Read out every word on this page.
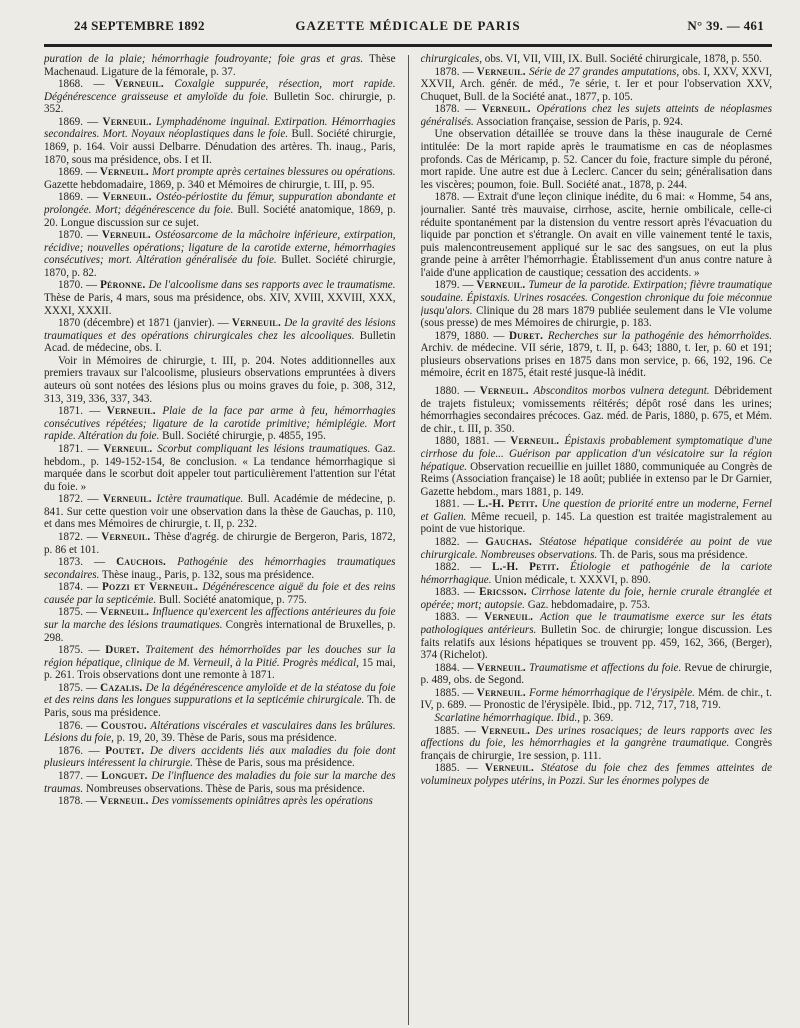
24 SEPTEMBRE 1892	GAZETTE MÉDICALE DE PARIS	N° 39. — 461

puration de la plaie; hémorrhagie foudroyante; foie gras et gras. Thèse Machenaud. Ligature de la fémorale, p. 37.

1868. — Verneuil. Coxalgie suppurée, résection, mort rapide. Dégénérescence graisseuse et amyloïde du foie. Bulletin Soc. chirurgie, p. 352.

1869. — Verneuil. Lymphadénome inguinal. Extirpation. Hémorrhagies secondaires. Mort. Noyaux néoplastiques dans le foie. Bull. Société chirurgie, 1869, p. 164. Voir aussi Delbarre. Dénudation des artères. Th. inaug., Paris, 1870, sous ma présidence, obs. I et II.

1869. — Verneuil. Mort prompte après certaines blessures ou opérations. Gazette hebdomadaire, 1869, p. 340 et Mémoires de chirurgie, t. III, p. 95.

1869. — Verneuil. Ostéo-périostite du fémur, suppuration abondante et prolongée. Mort; dégénérescence du foie. Bull. Société anatomique, 1869, p. 20. Longue discussion sur ce sujet.

1870. — Verneuil. Ostéosarcome de la mâchoire inférieure, extirpation, récidive; nouvelles opérations; ligature de la carotide externe, hémorrhagies consécutives; mort. Altération généralisée du foie. Bullet. Société chirurgie, 1870, p. 82.

1870. — Péronne. De l'alcoolisme dans ses rapports avec le traumatisme. Thèse de Paris, 4 mars, sous ma présidence, obs. XIV, XVIII, XXVIII, XXX, XXXI, XXXII.

1870 (décembre) et 1871 (janvier). — Verneuil. De la gravité des lésions traumatiques et des opérations chirurgicales chez les alcooliques. Bulletin Acad. de médecine, obs. I.

Voir in Mémoires de chirurgie, t. III, p. 204. Notes additionnelles aux premiers travaux sur l'alcoolisme, plusieurs observations empruntées à divers auteurs où sont notées des lésions plus ou moins graves du foie, p. 308, 312, 313, 319, 336, 337, 343.

1871. — Verneuil. Plaie de la face par arme à feu, hémorrhagies consécutives répétées; ligature de la carotide primitive; hémiplégie. Mort rapide. Altération du foie. Bull. Société chirurgie, p. 4855, 195.

1871. — Verneuil. Scorbut compliquant les lésions traumatiques. Gaz. hebdom., p. 149-152-154, 8e conclusion. « La tendance hémorrhagique si marquée dans le scorbut doit appeler tout particulièrement l'attention sur l'état du foie. »

1872. — Verneuil. Ictère traumatique. Bull. Académie de médecine, p. 841. Sur cette question voir une observation dans la thèse de Gauchas, p. 110, et dans mes Mémoires de chirurgie, t. II, p. 232.

1872. — Verneuil. Thèse d'agrég. de chirurgie de Bergeron, Paris, 1872, p. 86 et 101.

1873. — Cauchois. Pathogénie des hémorrhagies traumatiques secondaires. Thèse inaug., Paris, p. 132, sous ma présidence.

1874. — Pozzi et Verneuil. Dégénérescence aiguë du foie et des reins causée par la septicémie. Bull. Société anatomique, p. 775.

1875. — Verneuil. Influence qu'exercent les affections antérieures du foie sur la marche des lésions traumatiques. Congrès international de Bruxelles, p. 298.

1875. — Duret. Traitement des hémorrhoïdes par les douches sur la région hépatique, clinique de M. Verneuil, à la Pitié. Progrès médical, 15 mai, p. 261. Trois observations dont une remonte à 1871.

1875. — Cazalis. De la dégénérescence amyloïde et de la stéatose du foie et des reins dans les longues suppurations et la septicémie chirurgicale. Th. de Paris, sous ma présidence.

1876. — Coustou. Altérations viscérales et vasculaires dans les brûlures. Lésions du foie, p. 19, 20, 39. Thèse de Paris, sous ma présidence.

1876. — Poutet. De divers accidents liés aux maladies du foie dont plusieurs intéressent la chirurgie. Thèse de Paris, sous ma présidence.

1877. — Longuet. De l'influence des maladies du foie sur la marche des traumas. Nombreuses observations. Thèse de Paris, sous ma présidence.

1878. — Verneuil. Des vomissements opiniâtres après les opérations

chirurgicales, obs. VI, VII, VIII, IX. Bull. Société chirurgicale, 1878, p. 550.

1878. — Verneuil. Série de 27 grandes amputations, obs. I, XXV, XXVI, XXVII, Arch. génér. de méd., 7e série, t. Ier et pour l'observation XXV, Chuquet, Bull. de la Société anat., 1877, p. 105.

1878. — Verneuil. Opérations chez les sujets atteints de néoplasmes généralisés. Association française, session de Paris, p. 924.

Une observation détaillée se trouve dans la thèse inaugurale de Cerné intitulée: De la mort rapide après le traumatisme en cas de néoplasmes profonds. Cas de Méricamp, p. 52. Cancer du foie, fracture simple du péroné, mort rapide. Une autre est due à Leclerc. Cancer du sein; généralisation dans les viscères; poumon, foie. Bull. Société anat., 1878, p. 244.

1878. — Extrait d'une leçon clinique inédite, du 6 mai: « Homme, 54 ans, journalier. Santé très mauvaise, cirrhose, ascite, hernie ombilicale, celle-ci réduite spontanément par la distension du ventre ressort après l'évacuation du liquide par ponction et s'étrangle. On avait en ville vainement tenté le taxis, puis malencontreusement appliqué sur le sac des sangsues, on eut la plus grande peine à arrêter l'hémorrhagie. Établissement d'un anus contre nature à l'aide d'une application de caustique; cessation des accidents. »

1879. — Verneuil. Tumeur de la parotide. Extirpation; fièvre traumatique soudaine. Épistaxis. Urines rosacées. Congestion chronique du foie méconnue jusqu'alors. Clinique du 28 mars 1879 publiée seulement dans le VIe volume (sous presse) de mes Mémoires de chirurgie, p. 183.

1879, 1880. — Duret. Recherches sur la pathogénie des hémorrhoïdes. Archiv. de médecine. VII série, 1879, t. II, p. 643; 1880, t. Ier, p. 60 et 191; plusieurs observations prises en 1875 dans mon service, p. 66, 192, 196. Ce mémoire, écrit en 1875, était resté jusque-là inédit.

1880. — Verneuil. Absconditos morbos vulnera detegunt. Débridement de trajets fistuleux; vomissements réitérés; dépôt rosé dans les urines; hémorrhagies secondaires précoces. Gaz. méd. de Paris, 1880, p. 675, et Mém. de chir., t. III, p. 350.

1880, 1881. — Verneuil. Épistaxis probablement symptomatique d'une cirrhose du foie... Guérison par application d'un vésicatoire sur la région hépatique. Observation recueillie en juillet 1880, communiquée au Congrès de Reims (Association française) le 18 août; publiée in extenso par le Dr Garnier, Gazette hebdom., mars 1881, p. 149.

1881. — L.-H. Petit. Une question de priorité entre un moderne, Fernel et Galien. Même recueil, p. 145. La question est traitée magistralement au point de vue historique.

1882. — Gauchas. Stéatose hépatique considérée au point de vue chirurgicale. Nombreuses observations. Th. de Paris, sous ma présidence.

1882. — L.-H. Petit. Étiologie et pathogénie de la cariote hémorrhagique. Union médicale, t. XXXVI, p. 890.

1883. — Ericsson. Cirrhose latente du foie, hernie crurale étranglée et opérée; mort; autopsie. Gaz. hebdomadaire, p. 753.

1883. — Verneuil. Action que le traumatisme exerce sur les états pathologiques antérieurs. Bulletin Soc. de chirurgie; longue discussion. Les faits relatifs aux lésions hépatiques se trouvent pp. 459, 162, 366, (Berger), 374 (Richelot).

1884. — Verneuil. Traumatisme et affections du foie. Revue de chirurgie, p. 489, obs. de Segond.

1885. — Verneuil. Forme hémorrhagique de l'érysipèle. Mém. de chir., t. IV, p. 689. — Pronostic de l'érysipèle. Ibid., pp. 712, 717, 718, 719.

Scarlatine hémorrhagique. Ibid., p. 369.

1885. — Verneuil. Des urines rosaciques; de leurs rapports avec les affections du foie, les hémorrhagies et la gangrène traumatique. Congrès français de chirurgie, 1re session, p. 111.

1885. — Verneuil. Stéatose du foie chez des femmes atteintes de volumineux polypes utérins, in Pozzi. Sur les énormes polypes de
